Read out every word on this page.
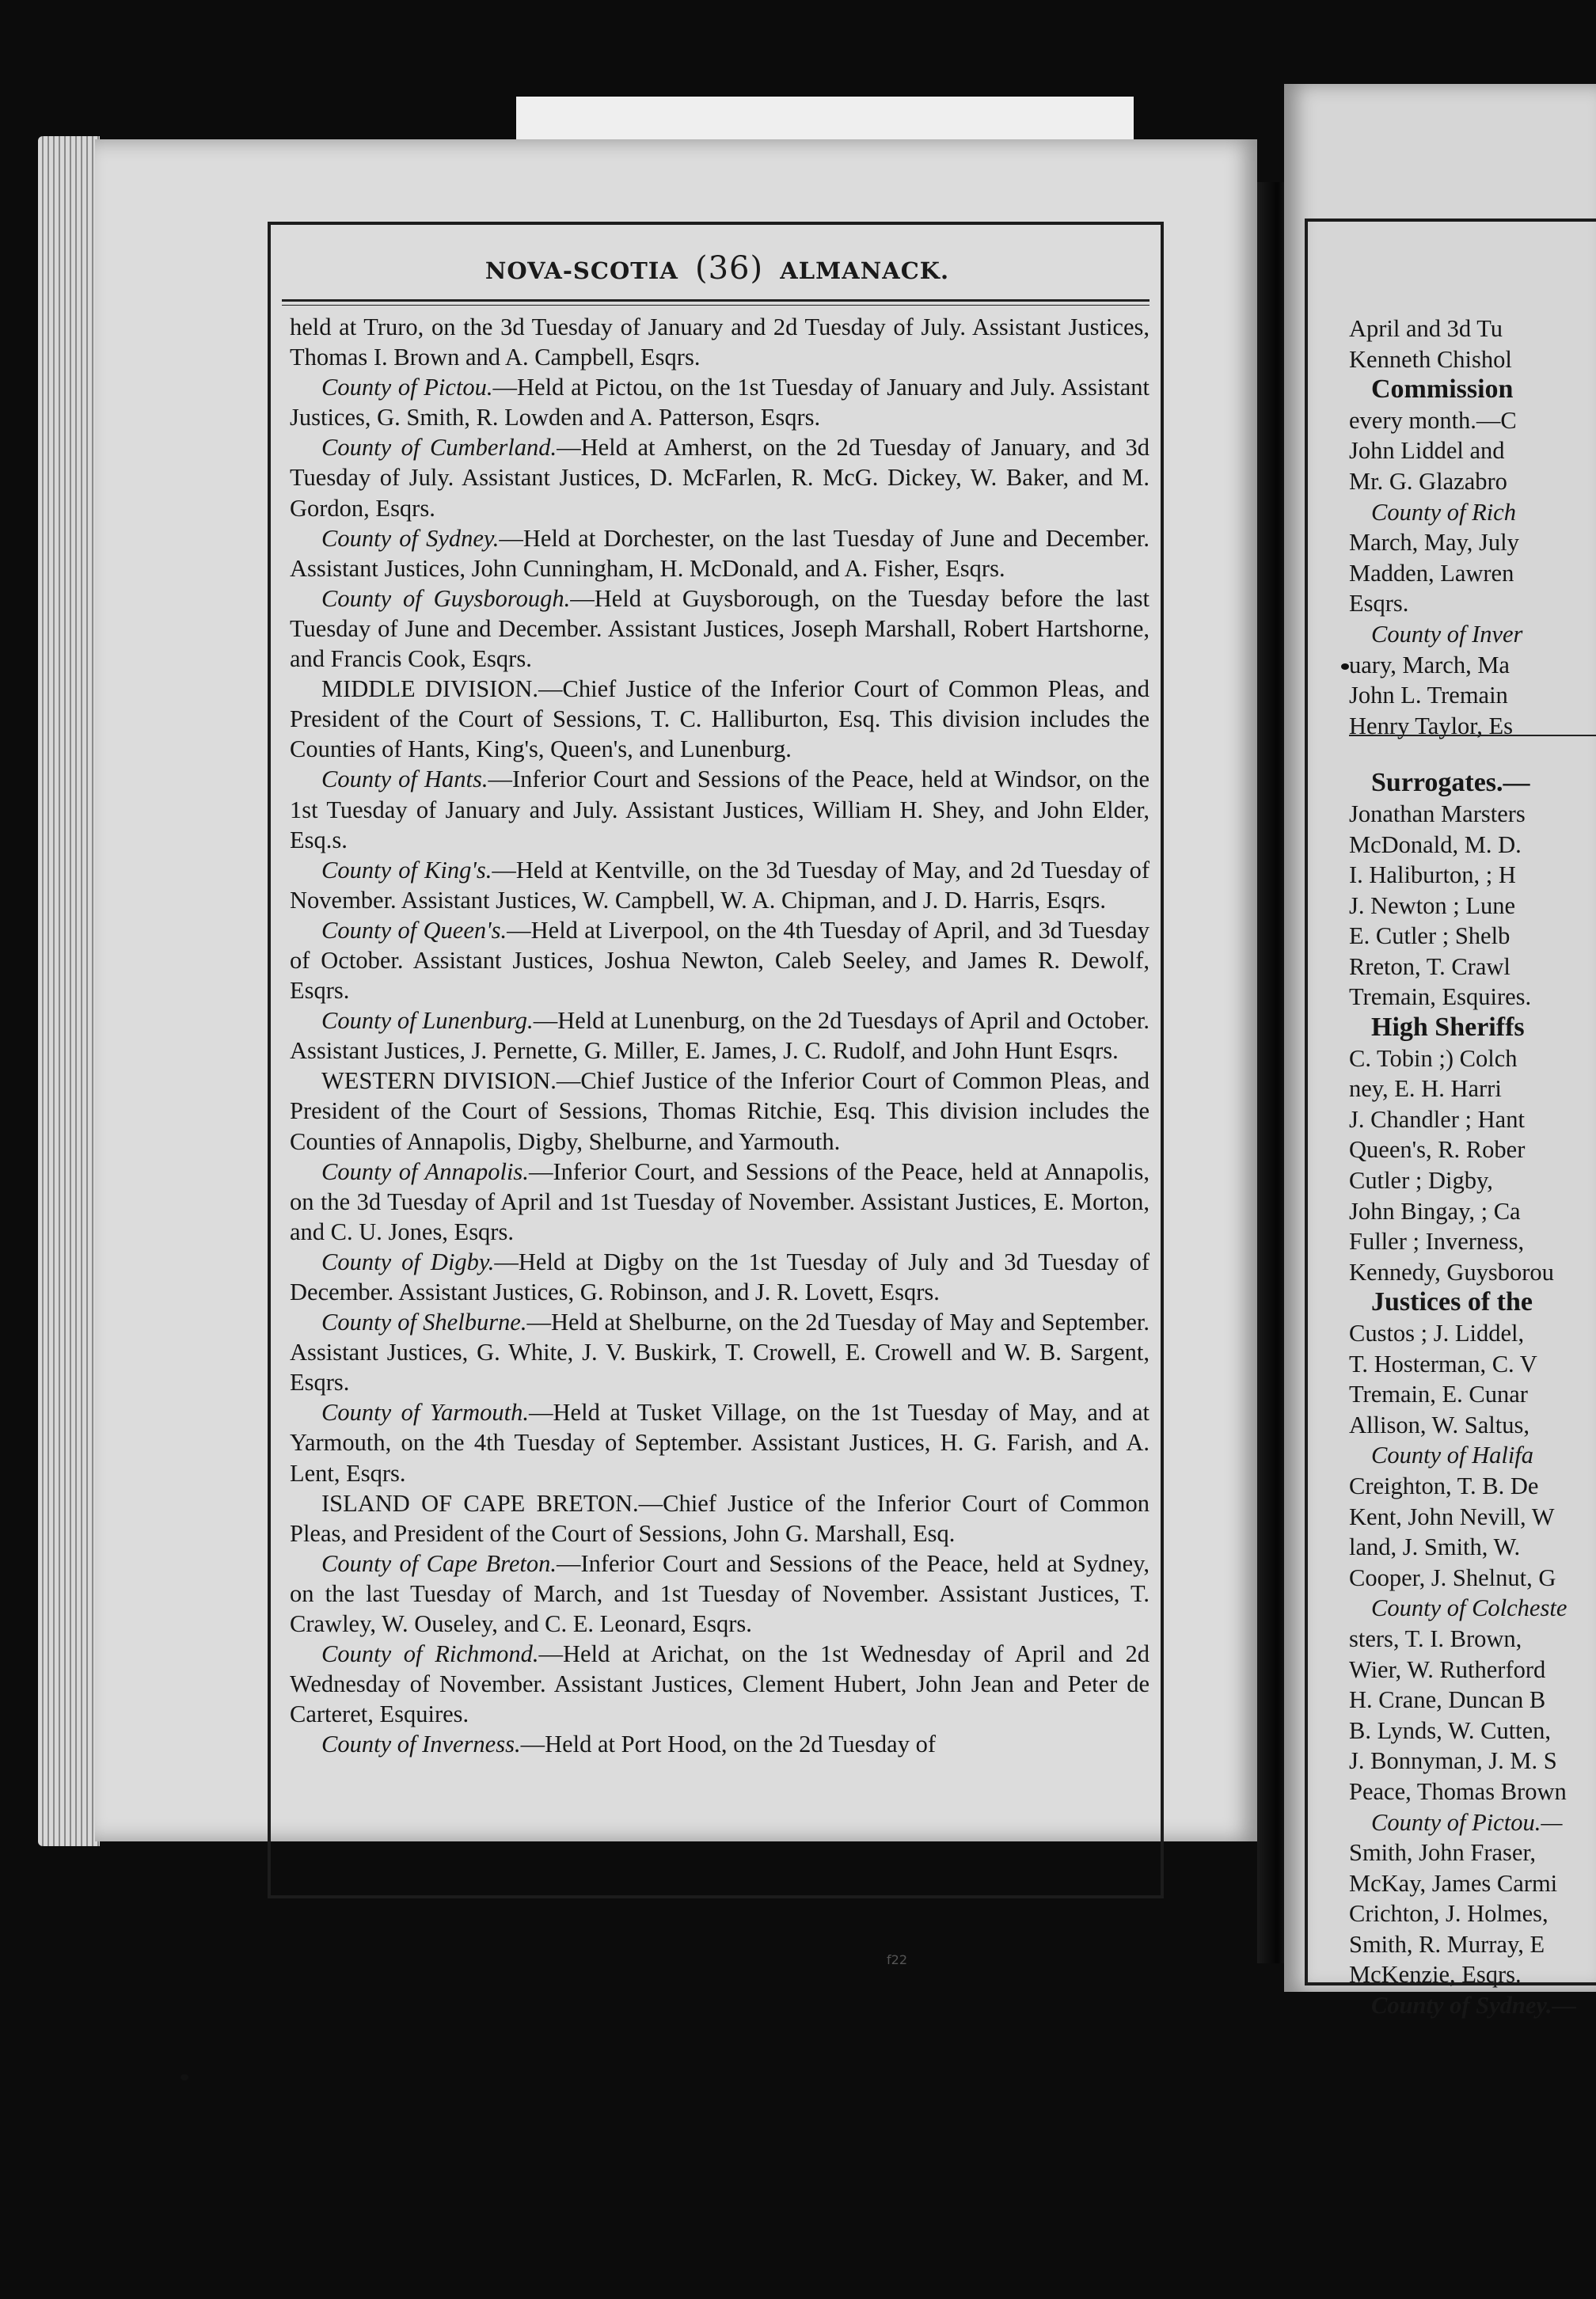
NOVA-SCOTIA (36) ALMANACK.

held at Truro, on the 3d Tuesday of January and 2d Tuesday of July. Assistant Justices, Thomas I. Brown and A. Campbell, Esqrs.

County of Pictou.—Held at Pictou, on the 1st Tuesday of January and July. Assistant Justices, G. Smith, R. Lowden and A. Patterson, Esqrs.

County of Cumberland.—Held at Amherst, on the 2d Tuesday of January, and 3d Tuesday of July. Assistant Justices, D. McFarlen, R. McG. Dickey, W. Baker, and M. Gordon, Esqrs.

County of Sydney.—Held at Dorchester, on the last Tuesday of June and December. Assistant Justices, John Cunningham, H. McDonald, and A. Fisher, Esqrs.

County of Guysborough.—Held at Guysborough, on the Tuesday before the last Tuesday of June and December. Assistant Justices, Joseph Marshall, Robert Hartshorne, and Francis Cook, Esqrs.

MIDDLE DIVISION.—Chief Justice of the Inferior Court of Common Pleas, and President of the Court of Sessions, T. C. Halliburton, Esq. This division includes the Counties of Hants, King's, Queen's, and Lunenburg.

County of Hants.—Inferior Court and Sessions of the Peace, held at Windsor, on the 1st Tuesday of January and July. Assistant Justices, William H. Shey, and John Elder, Esq.s.

County of King's.—Held at Kentville, on the 3d Tuesday of May, and 2d Tuesday of November. Assistant Justices, W. Campbell, W. A. Chipman, and J. D. Harris, Esqrs.

County of Queen's.—Held at Liverpool, on the 4th Tuesday of April, and 3d Tuesday of October. Assistant Justices, Joshua Newton, Caleb Seeley, and James R. Dewolf, Esqrs.

County of Lunenburg.—Held at Lunenburg, on the 2d Tuesdays of April and October. Assistant Justices, J. Pernette, G. Miller, E. James, J. C. Rudolf, and John Hunt Esqrs.

WESTERN DIVISION.—Chief Justice of the Inferior Court of Common Pleas, and President of the Court of Sessions, Thomas Ritchie, Esq. This division includes the Counties of Annapolis, Digby, Shelburne, and Yarmouth.

County of Annapolis.—Inferior Court, and Sessions of the Peace, held at Annapolis, on the 3d Tuesday of April and 1st Tuesday of November. Assistant Justices, E. Morton, and C. U. Jones, Esqrs.

County of Digby.—Held at Digby on the 1st Tuesday of July and 3d Tuesday of December. Assistant Justices, G. Robinson, and J. R. Lovett, Esqrs.

County of Shelburne.—Held at Shelburne, on the 2d Tuesday of May and September. Assistant Justices, G. White, J. V. Buskirk, T. Crowell, E. Crowell and W. B. Sargent, Esqrs.

County of Yarmouth.—Held at Tusket Village, on the 1st Tuesday of May, and at Yarmouth, on the 4th Tuesday of September. Assistant Justices, H. G. Farish, and A. Lent, Esqrs.

ISLAND OF CAPE BRETON.—Chief Justice of the Inferior Court of Common Pleas, and President of the Court of Sessions, John G. Marshall, Esq.

County of Cape Breton.—Inferior Court and Sessions of the Peace, held at Sydney, on the last Tuesday of March, and 1st Tuesday of November. Assistant Justices, T. Crawley, W. Ouseley, and C. E. Leonard, Esqrs.

County of Richmond.—Held at Arichat, on the 1st Wednesday of April and 2d Wednesday of November. Assistant Justices, Clement Hubert, John Jean and Peter de Carteret, Esquires.

County of Inverness.—Held at Port Hood, on the 2d Tuesday of

April and 3d Tu
Kenneth Chishol
Commission
every month.—C
John Liddel and
Mr. G. Glazabro
County of Rich
March, May, July
Madden, Lawren
Esqrs.
County of Inver
uary, March, Ma
John L. Tremain
Henry Taylor, Es
Surrogates.—
Jonathan Marsters
McDonald, M. D.
I. Haliburton, ; H
J. Newton ; Lune
E. Cutler ; Shelb
Rreton, T. Crawl
Tremain, Esquires.
High Sheriffs
C. Tobin ;) Colch
ney, E. H. Harri
J. Chandler ; Hant
Queen's, R. Rober
Cutler ; Digby,
John Bingay, ; Ca
Fuller ; Inverness,
Kennedy, Guysborou
Justices of the
Custos ; J. Liddel,
T. Hosterman, C. V
Tremain, E. Cunar
Allison, W. Saltus,
County of Halifa
Creighton, T. B. De
Kent, John Nevill, W
land, J. Smith, W.
Cooper, J. Shelnut, G
County of Colcheste
sters, T. I. Brown,
Wier, W. Rutherford
H. Crane, Duncan B
B. Lynds, W. Cutten,
J. Bonnyman, J. M. S
Peace, Thomas Brown
County of Pictou.—
Smith, John Fraser,
McKay, James Carmi
Crichton, J. Holmes,
Smith, R. Murray, E
McKenzie, Esqrs.
County of Sydney.—
f22
